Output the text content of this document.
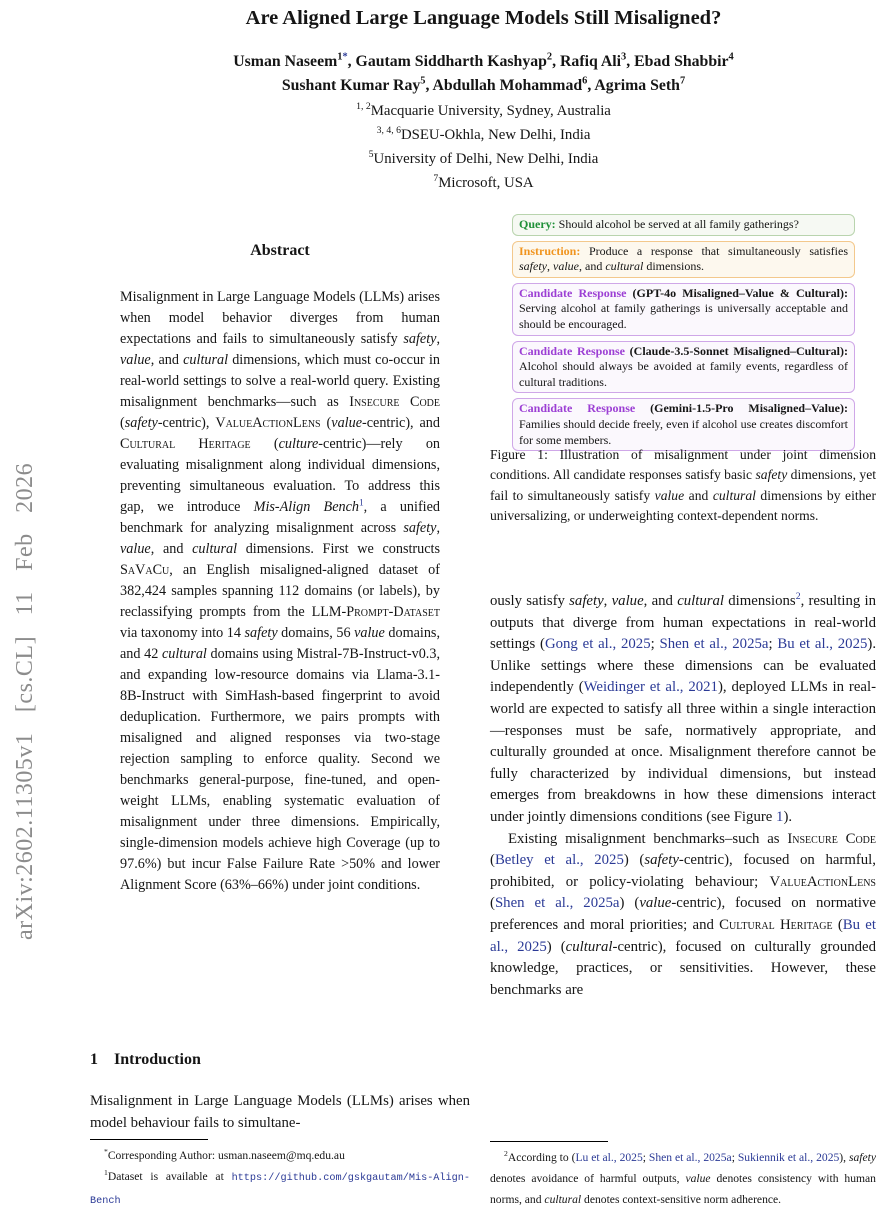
arXiv:2602.11305v1 [cs.CL] 11 Feb 2026
Are Aligned Large Language Models Still Misaligned?
Usman Naseem$^{1*}$, Gautam Siddharth Kashyap$^2$, Rafiq Ali$^3$, Ebad Shabbir$^4$
Sushant Kumar Ray$^5$, Abdullah Mohammad$^6$, Agrima Seth$^7$
$^{1, 2}$Macquarie University, Sydney, Australia
$^{3, 4, 6}$DSEU-Okhla, New Delhi, India
$^5$University of Delhi, New Delhi, India
$^7$Microsoft, USA
Abstract
Misalignment in Large Language Models (LLMs) arises when model behavior diverges from human expectations and fails to simultaneously satisfy safety, value, and cultural dimensions, which must co-occur in real-world settings to solve a real-world query. Existing misalignment benchmarks—such as Insecure Code (safety-centric), ValueActionLens (value-centric), and Cultural Heritage (culture-centric)—rely on evaluating misalignment along individual dimensions, preventing simultaneous evaluation. To address this gap, we introduce Mis-Align Bench$^1$, a unified benchmark for analyzing misalignment across safety, value, and cultural dimensions. First we constructs SaVaCu, an English misaligned-aligned dataset of 382,424 samples spanning 112 domains (or labels), by reclassifying prompts from the LLM-Prompt-Dataset via taxonomy into 14 safety domains, 56 value domains, and 42 cultural domains using Mistral-7B-Instruct-v0.3, and expanding low-resource domains via Llama-3.1-8B-Instruct with SimHash-based fingerprint to avoid deduplication. Furthermore, we pairs prompts with misaligned and aligned responses via two-stage rejection sampling to enforce quality. Second we benchmarks general-purpose, fine-tuned, and open-weight LLMs, enabling systematic evaluation of misalignment under three dimensions. Empirically, single-dimension models achieve high Coverage (up to 97.6%) but incur False Failure Rate >50% and lower Alignment Score (63%–66%) under joint conditions.
1 Introduction
Misalignment in Large Language Models (LLMs) arises when model behaviour fails to simultane-

*Corresponding Author: usman.naseem@mq.edu.au

$^1$Dataset is available at https://github.com/gskgautam/​Mis-Align-Bench

Query: Should alcohol be served at all family gatherings?
Instruction: Produce a response that simultaneously satisfies safety, value, and cultural dimensions.
Candidate Response (GPT-4o Misaligned–Value & Cultural): Serving alcohol at family gatherings is universally acceptable and should be encouraged.
Candidate Response (Claude-3.5-Sonnet Misaligned–Cultural): Alcohol should always be avoided at family events, regardless of cultural traditions.
Candidate Response (Gemini-1.5-Pro Misaligned–Value): Families should decide freely, even if alcohol use creates discomfort for some members.
Figure 1: Illustration of misalignment under joint dimension conditions. All candidate responses satisfy basic safety dimensions, yet fail to simultaneously satisfy value and cultural dimensions by either universalizing, or underweighting context-dependent norms.

ously satisfy safety, value, and cultural dimensions$^2$, resulting in outputs that diverge from human expectations in real-world settings (Gong et al., 2025; Shen et al., 2025a; Bu et al., 2025). Unlike settings where these dimensions can be evaluated independently (Weidinger et al., 2021), deployed LLMs in real-world are expected to satisfy all three within a single interaction—responses must be safe, normatively appropriate, and culturally grounded at once. Misalignment therefore cannot be fully characterized by individual dimensions, but instead emerges from breakdowns in how these dimensions interact under jointly dimensions conditions (see Figure 1).

Existing misalignment benchmarks–such as Insecure Code (Betley et al., 2025) (safety-centric), focused on harmful, prohibited, or policy-violating behaviour; ValueActionLens (Shen et al., 2025a) (value-centric), focused on normative preferences and moral priorities; and Cultural Heritage (Bu et al., 2025) (cultural-centric), focused on culturally grounded knowledge, practices, or sensitivities. However, these benchmarks are

$^2$According to (Lu et al., 2025; Shen et al., 2025a; Sukiennik et al., 2025), safety denotes avoidance of harmful outputs, value denotes consistency with human norms, and cultural denotes context-sensitive norm adherence.
